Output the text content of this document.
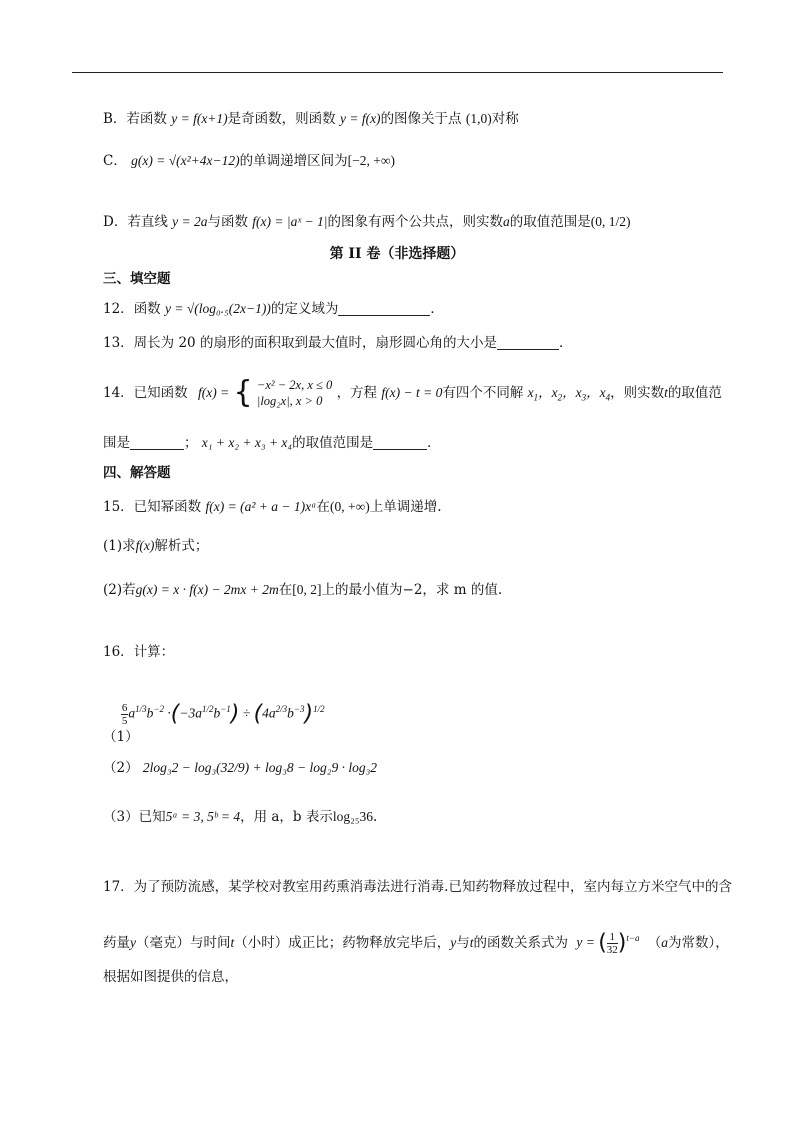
B．若函数 y = f(x+1)是奇函数，则函数 y = f(x)的图像关于点 (1,0)对称
C． g(x) = √(x²+4x−12)的单调递增区间为[−2, +∞)
D．若直线 y = 2a与函数 f(x) = |aˣ − 1|的图象有两个公共点，则实数a的取值范围是(0, 1/2)
第 II 卷（非选择题）
三、填空题
12．函数 y = √(log₀.₅(2x−1))的定义域为	．
13．周长为 20 的扇形的面积取到最大值时，扇形圆心角的大小是	．
14．已知函数 f(x) = { −x² − 2x, x ≤ 0
|log₂x|, x > 0	，方程 f(x) − t = 0有四个不同解 $x_1$，$x_2$，$x_3$，$x_4$，则实数t的取值范
围是	； x₁ + x₂ + x₃ + x₄的取值范围是	．
四、解答题
15．已知幂函数 f(x) = (a² + a − 1)xᵃ在(0, +∞)上单调递增.
(1)求f(x)解析式；
(2)若g(x) = x · f(x) − 2mx + 2m在[0, 2]上的最小值为−2，求 m 的值.
16．计算：
（1）
$\frac{6}{5} a^{1/3}b^{-2} \cdot(-3a^{1/2}b^{-1}) \div (4a^{2/3}b^{-3})^{1/2}$
（2） 2log₃2 − log₃(32/9) + log₃8 − log₂9 · log₃2
（3）已知5ᵃ = 3, 5ᵇ = 4，用 a，b 表示log₂₅36.
17．为了预防流感，某学校对教室用药熏消毒法进行消毒.已知药物释放过程中，室内每立方米空气中的含
药量y（毫克）与时间t（小时）成正比；药物释放完毕后，y与t的函数关系式为 y = ( $\frac{1}{32} )^{t-a}$ （a为常数），
根据如图提供的信息，
